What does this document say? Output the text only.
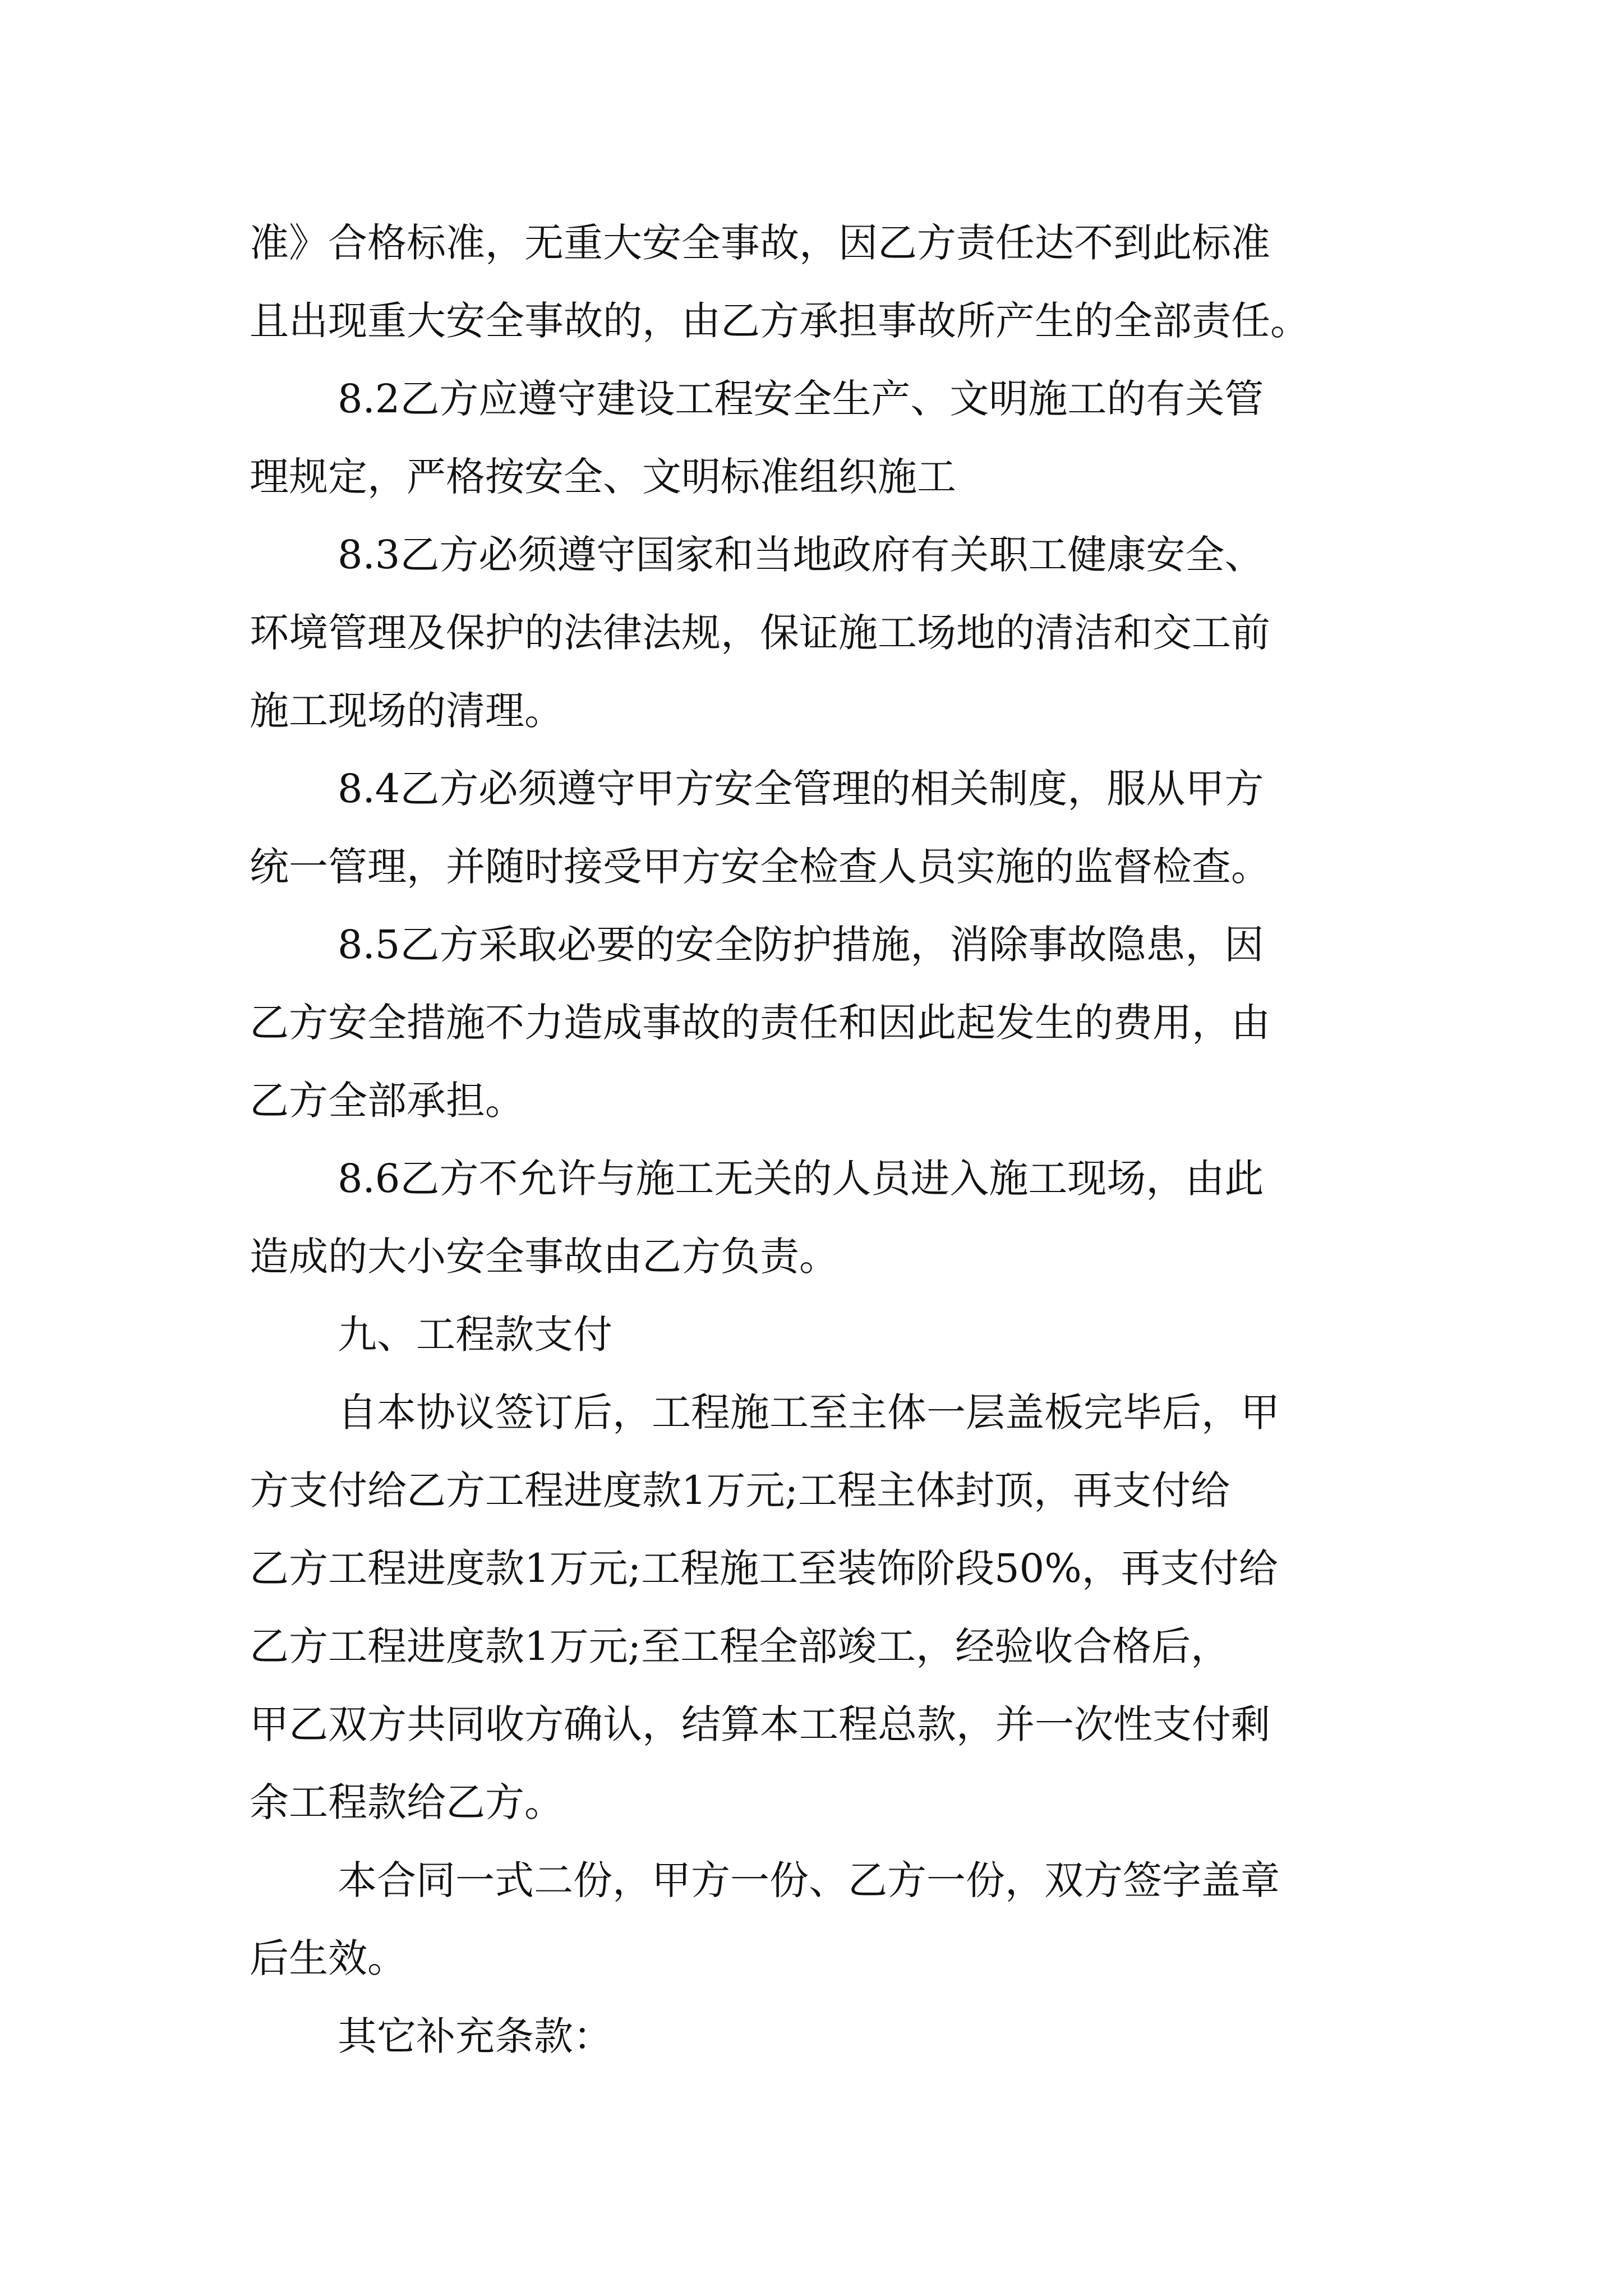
准》合格标准，无重大安全事故，因乙方责任达不到此标准
且出现重大安全事故的，由乙方承担事故所产生的全部责任。
8.2乙方应遵守建设工程安全生产、文明施工的有关管
理规定，严格按安全、文明标准组织施工
8.3乙方必须遵守国家和当地政府有关职工健康安全、
环境管理及保护的法律法规，保证施工场地的清洁和交工前
施工现场的清理。
8.4乙方必须遵守甲方安全管理的相关制度，服从甲方
统一管理，并随时接受甲方安全检查人员实施的监督检查。
8.5乙方采取必要的安全防护措施，消除事故隐患，因
乙方安全措施不力造成事故的责任和因此起发生的费用，由
乙方全部承担。
8.6乙方不允许与施工无关的人员进入施工现场，由此
造成的大小安全事故由乙方负责。
九、工程款支付
自本协议签订后，工程施工至主体一层盖板完毕后，甲
方支付给乙方工程进度款1万元;工程主体封顶，再支付给
乙方工程进度款1万元;工程施工至装饰阶段50%，再支付给
乙方工程进度款1万元;至工程全部竣工，经验收合格后，
甲乙双方共同收方确认，结算本工程总款，并一次性支付剩
余工程款给乙方。
本合同一式二份，甲方一份、乙方一份，双方签字盖章
后生效。
其它补充条款：
